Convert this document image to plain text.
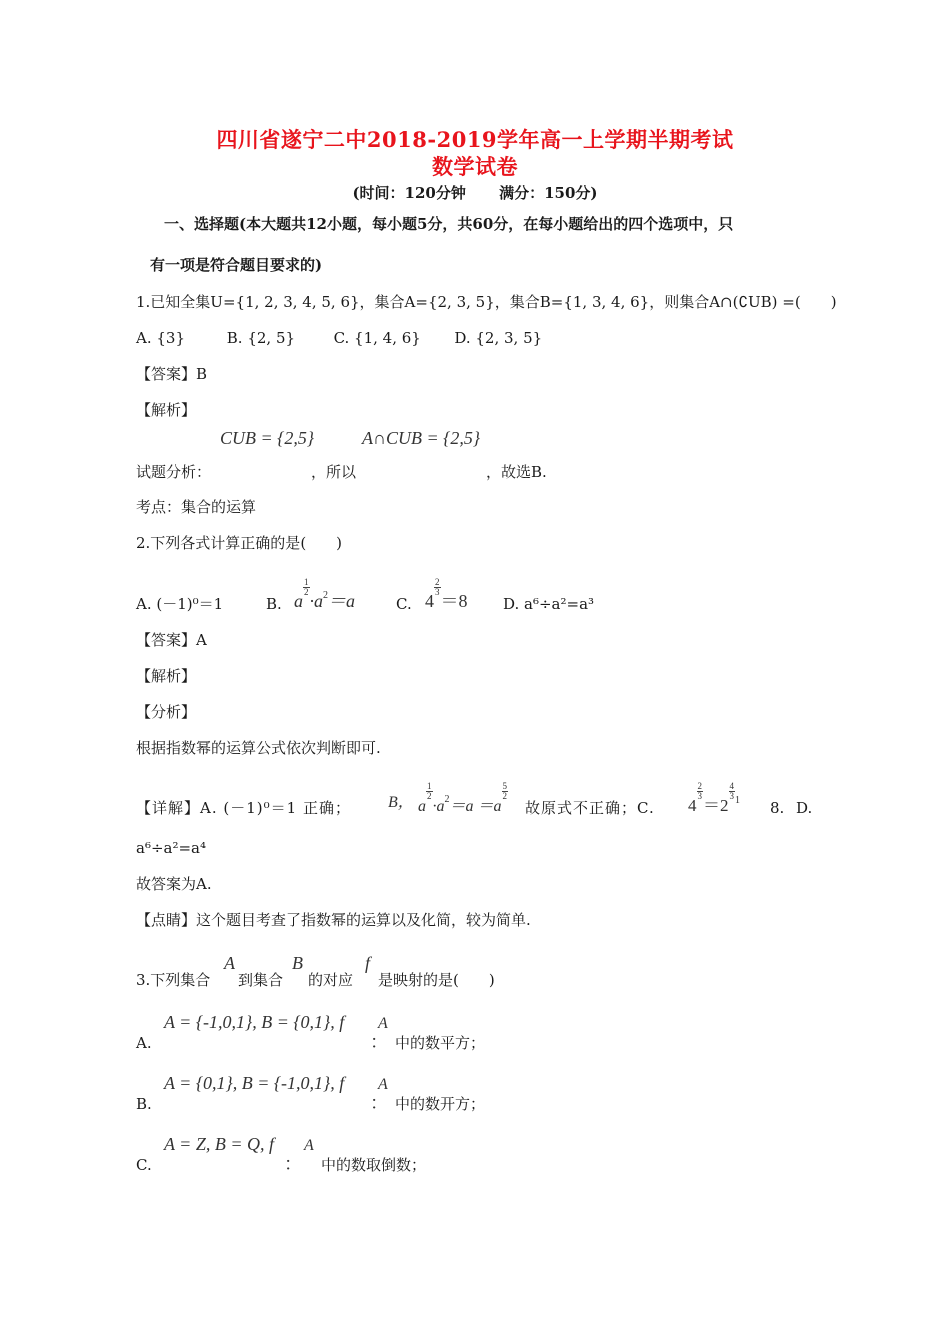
四川省遂宁二中2018-2019学年高一上学期半期考试
数学试卷
(时间：120分钟 满分：150分)
一、选择题(本大题共12小题，每小题5分，共60分，在每小题给出的四个选项中，只
有一项是符合题目要求的)
1.已知全集U={1, 2, 3, 4, 5, 6}，集合A={2, 3, 5}，集合B={1, 3, 4, 6}，则集合A∩(∁UB) =(　　)
A. {3}	B. {2, 5}	C. {1, 4, 6} D. {2, 3, 5}
【答案】B
【解析】
CUB = {2,5}	A∩CUB = {2,5}
试题分析：	，所以	，故选B.
考点：集合的运算
2.下列各式计算正确的是(　　)
A. (－1)⁰＝1	B. a
$\frac{1}{2}$
$\cdot a^2=a$	C. 4
$\frac{2}{3}$
＝8 D. a⁶÷a²=a³
【答案】A
【解析】
【分析】
根据指数幂的运算公式依次判断即可.
【详解】A. (－1)⁰＝1 正确； B， a
$\frac{1}{2}$
$\cdot a^2=a =a$
$\frac{5}{2}$
故原式不正确；C. 4
$\frac{2}{3}$
＝2
$\frac{4}{3} ^1$ 8. D.
a⁶÷a²=a⁴
故答案为A.
【点睛】这个题目考查了指数幂的运算以及化简，较为简单.
3.下列集合
A
到集合
B
的对应
f
是映射的是(　　)
A.
A = {-1,0,1}, B = {0,1}, f
：
A
中的数平方；
B.
A = {0,1}, B = {-1,0,1}, f
：
A
中的数开方；
C.
A = Z, B = Q, f
：
A
中的数取倒数；
